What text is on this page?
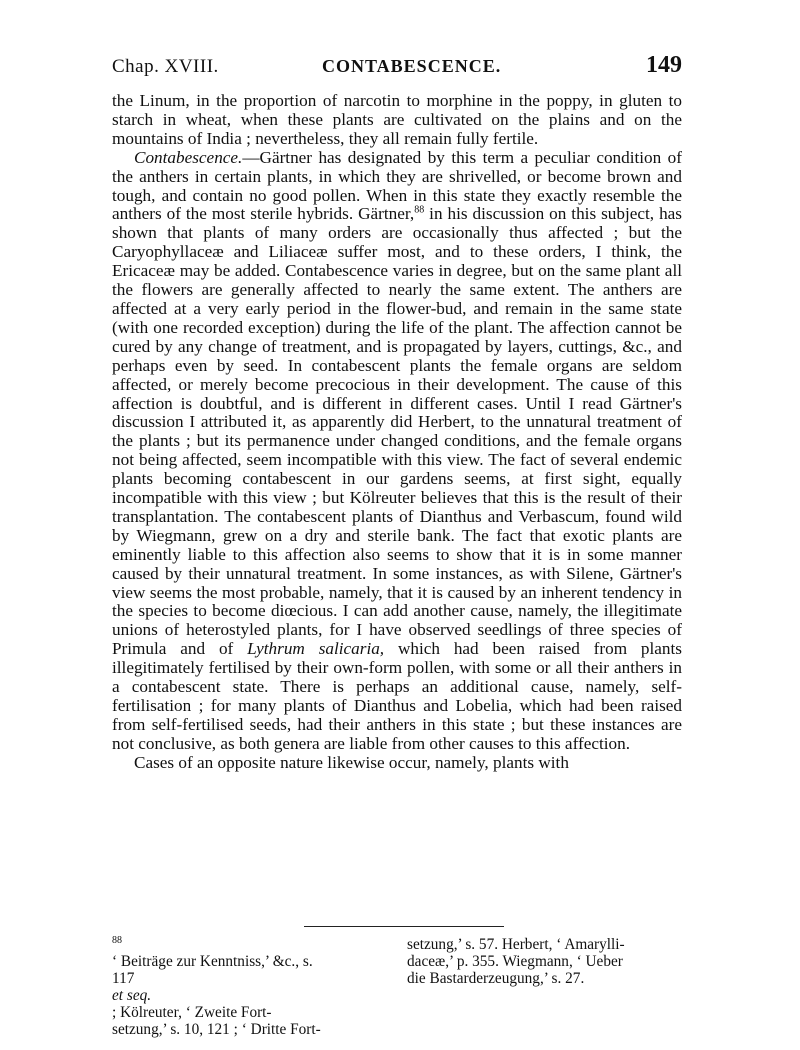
Chap. XVIII.	CONTABESCENCE.	149

the Linum, in the proportion of narcotin to morphine in the poppy, in gluten to starch in wheat, when these plants are cultivated on the plains and on the mountains of India ; nevertheless, they all remain fully fertile.

Contabescence.—Gärtner has designated by this term a peculiar condition of the anthers in certain plants, in which they are shrivelled, or become brown and tough, and contain no good pollen. When in this state they exactly resemble the anthers of the most sterile hybrids. Gärtner,$^{88}$ in his discussion on this subject, has shown that plants of many orders are occasionally thus affected ; but the Caryophyllaceæ and Liliaceæ suffer most, and to these orders, I think, the Ericaceæ may be added. Contabescence varies in degree, but on the same plant all the flowers are generally affected to nearly the same extent. The anthers are affected at a very early period in the flower-bud, and remain in the same state (with one recorded exception) during the life of the plant. The affection cannot be cured by any change of treatment, and is propagated by layers, cuttings, &c., and perhaps even by seed. In contabescent plants the female organs are seldom affected, or merely become precocious in their development. The cause of this affection is doubtful, and is different in different cases. Until I read Gärtner's discussion I attributed it, as apparently did Herbert, to the unnatural treatment of the plants ; but its permanence under changed conditions, and the female organs not being affected, seem incompatible with this view. The fact of several endemic plants becoming contabescent in our gardens seems, at first sight, equally incompatible with this view ; but Kölreuter believes that this is the result of their transplantation. The contabescent plants of Dianthus and Verbascum, found wild by Wiegmann, grew on a dry and sterile bank. The fact that exotic plants are eminently liable to this affection also seems to show that it is in some manner caused by their unnatural treatment. In some instances, as with Silene, Gärtner's view seems the most probable, namely, that it is caused by an inherent tendency in the species to become diœcious. I can add another cause, namely, the illegitimate unions of heterostyled plants, for I have observed seedlings of three species of Primula and of Lythrum salicaria, which had been raised from plants illegitimately fertilised by their own-form pollen, with some or all their anthers in a contabescent state. There is perhaps an additional cause, namely, self-fertilisation ; for many plants of Dianthus and Lobelia, which had been raised from self-fertilised seeds, had their anthers in this state ; but these instances are not conclusive, as both genera are liable from other causes to this affection.

Cases of an opposite nature likewise occur, namely, plants with

$^{88}$
‘ Beiträge zur Kenntniss,’ &c., s.
117
et seq.
; Kölreuter, ‘ Zweite Fort-
setzung,’ s. 10, 121 ; ‘ Dritte Fort-
setzung,’ s. 57. Herbert, ‘ Amarylli-
daceæ,’ p. 355. Wiegmann, ‘ Ueber
die Bastarderzeugung,’ s. 27.
